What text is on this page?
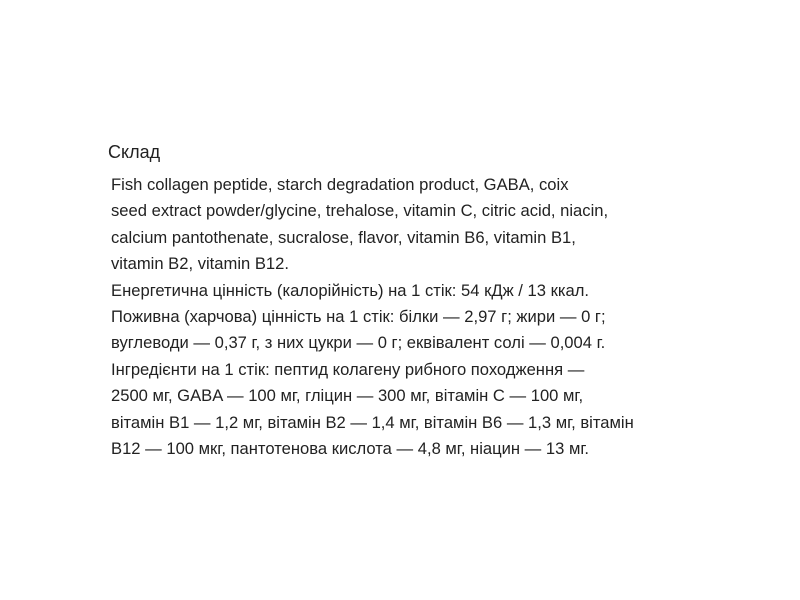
Склад
Fish collagen peptide, starch degradation product, GABA, coix
seed extract powder/glycine, trehalose, vitamin C, citric acid, niacin,
calcium pantothenate, sucralose, flavor, vitamin B6, vitamin B1,
vitamin B2, vitamin B12.
Енергетична цінність (калорійність) на 1 стік: 54 кДж / 13 ккал.
Поживна (харчова) цінність на 1 стік: білки — 2,97 г; жири — 0 г;
вуглеводи — 0,37 г, з них цукри — 0 г; еквівалент солі — 0,004 г.
Інгредієнти на 1 стік: пептид колагену рибного походження —
2500 мг, GABA — 100 мг, гліцин — 300 мг, вітамін С — 100 мг,
вітамін В1 — 1,2 мг, вітамін В2 — 1,4 мг, вітамін В6 — 1,3 мг, вітамін
В12 — 100 мкг, пантотенова кислота — 4,8 мг, ніацин — 13 мг.
